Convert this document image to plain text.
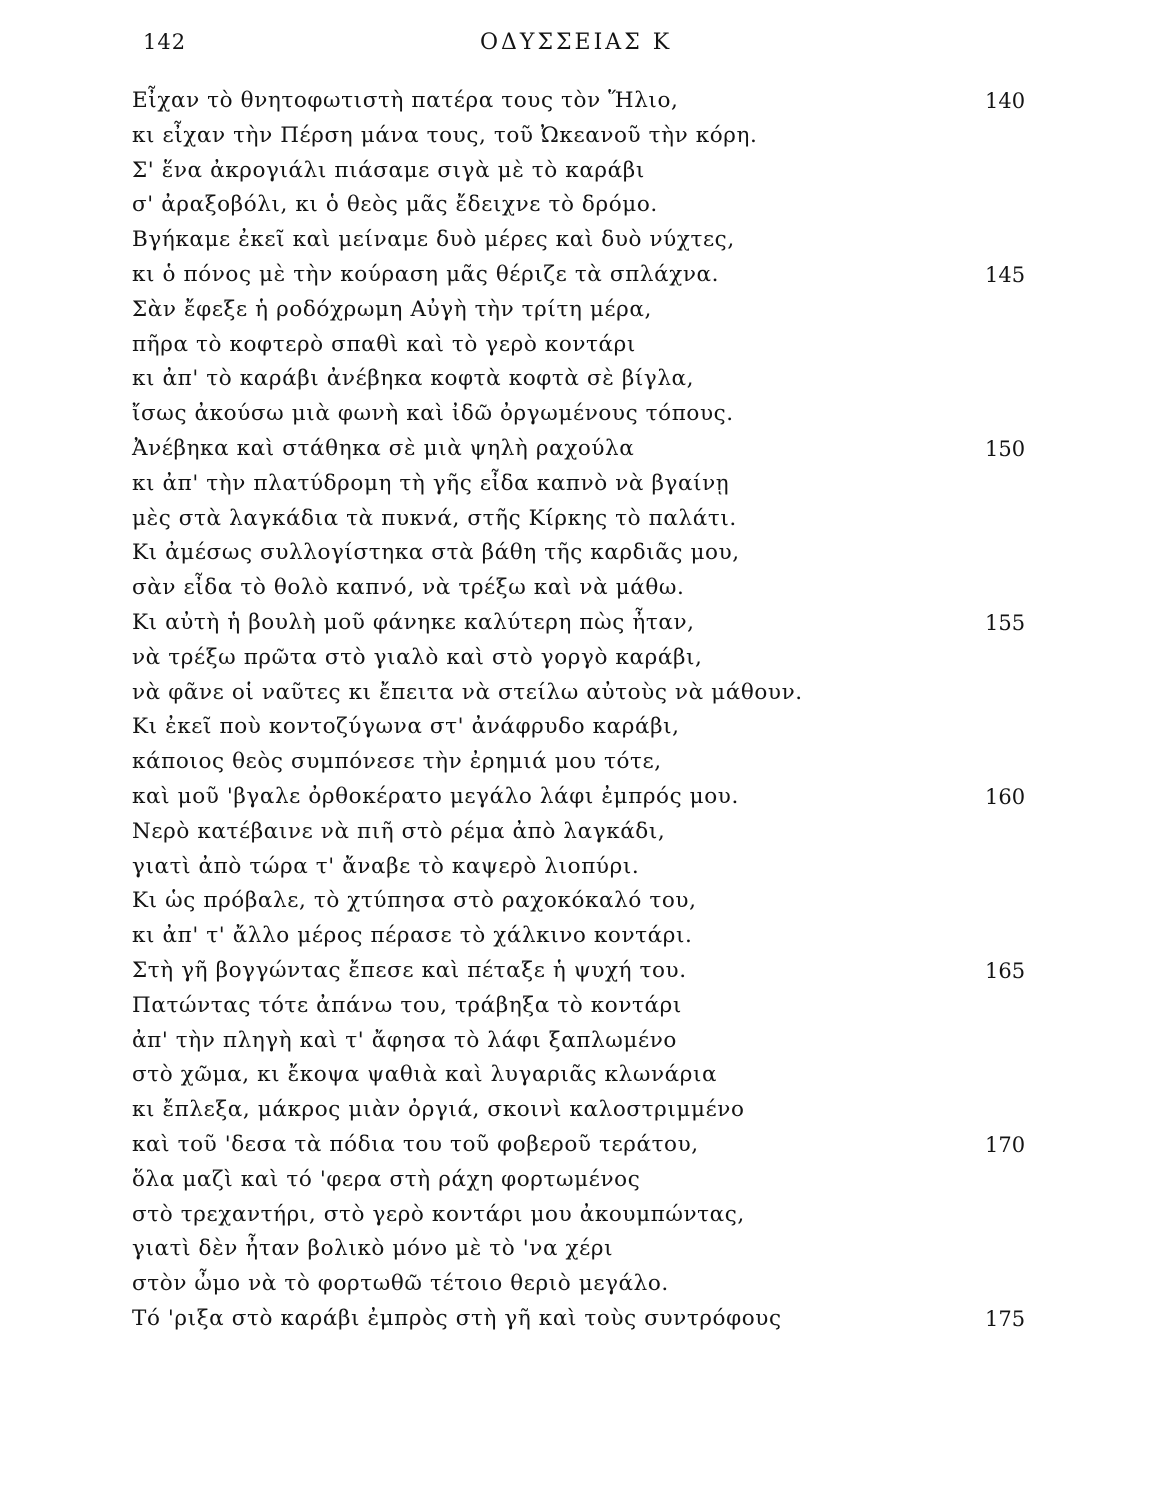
142	ΟΔΥΣΣΕΙΑΣ Κ
Εἶχαν τὸ θνητοφωτιστὴ πατέρα τους τὸν Ἥλιο,	140
κι εἶχαν τὴν Πέρση μάνα τους, τοῦ Ὠκεανοῦ τὴν κόρη.
Σ' ἕνα ἀκρογιάλι πιάσαμε σιγὰ μὲ τὸ καράβι
σ' ἀραξοβόλι, κι ὁ θεὸς μᾶς ἔδειχνε τὸ δρόμο.
Βγήκαμε ἐκεῖ καὶ μείναμε δυὸ μέρες καὶ δυὸ νύχτες,
κι ὁ πόνος μὲ τὴν κούραση μᾶς θέριζε τὰ σπλάχνα.	145
Σὰν ἔφεξε ἡ ροδόχρωμη Αὐγὴ τὴν τρίτη μέρα,
πῆρα τὸ κοφτερὸ σπαθὶ καὶ τὸ γερὸ κοντάρι
κι ἀπ' τὸ καράβι ἀνέβηκα κοφτὰ κοφτὰ σὲ βίγλα,
ἴσως ἀκούσω μιὰ φωνὴ καὶ ἰδῶ ὀργωμένους τόπους.
Ἀνέβηκα καὶ στάθηκα σὲ μιὰ ψηλὴ ραχούλα	150
κι ἀπ' τὴν πλατύδρομη τὴ γῆς εἶδα καπνὸ νὰ βγαίνῃ
μὲς στὰ λαγκάδια τὰ πυκνά, στῆς Κίρκης τὸ παλάτι.
Κι ἀμέσως συλλογίστηκα στὰ βάθη τῆς καρδιᾶς μου,
σὰν εἶδα τὸ θολὸ καπνό, νὰ τρέξω καὶ νὰ μάθω.
Κι αὐτὴ ἡ βουλὴ μοῦ φάνηκε καλύτερη πὼς ἦταν,	155
νὰ τρέξω πρῶτα στὸ γιαλὸ καὶ στὸ γοργὸ καράβι,
νὰ φᾶνε οἱ ναῦτες κι ἔπειτα νὰ στείλω αὐτοὺς νὰ μάθουν.
Κι ἐκεῖ ποὺ κοντοζύγωνα στ' ἀνάφρυδο καράβι,
κάποιος θεὸς συμπόνεσε τὴν ἐρημιά μου τότε,
καὶ μοῦ 'βγαλε ὀρθοκέρατο μεγάλο λάφι ἐμπρός μου.	160
Νερὸ κατέβαινε νὰ πιῆ στὸ ρέμα ἀπὸ λαγκάδι,
γιατὶ ἀπὸ τώρα τ' ἄναβε τὸ καψερὸ λιοπύρι.
Κι ὡς πρόβαλε, τὸ χτύπησα στὸ ραχοκόκαλό του,
κι ἀπ' τ' ἄλλο μέρος πέρασε τὸ χάλκινο κοντάρι.
Στὴ γῆ βογγώντας ἔπεσε καὶ πέταξε ἡ ψυχή του.	165
Πατώντας τότε ἀπάνω του, τράβηξα τὸ κοντάρι
ἀπ' τὴν πληγὴ καὶ τ' ἄφησα τὸ λάφι ξαπλωμένο
στὸ χῶμα, κι ἔκοψα ψαθιὰ καὶ λυγαριᾶς κλωνάρια
κι ἔπλεξα, μάκρος μιὰν ὀργιά, σκοινὶ καλοστριμμένο
καὶ τοῦ 'δεσα τὰ πόδια του τοῦ φοβεροῦ τεράτου,	170
ὅλα μαζὶ καὶ τό 'φερα στὴ ράχη φορτωμένος
στὸ τρεχαντήρι, στὸ γερὸ κοντάρι μου ἀκουμπώντας,
γιατὶ δὲν ἦταν βολικὸ μόνο μὲ τὸ 'να χέρι
στὸν ὦμο νὰ τὸ φορτωθῶ τέτοιο θεριὸ μεγάλο.
Τό 'ριξα στὸ καράβι ἐμπρὸς στὴ γῆ καὶ τοὺς συντρόφους	175
